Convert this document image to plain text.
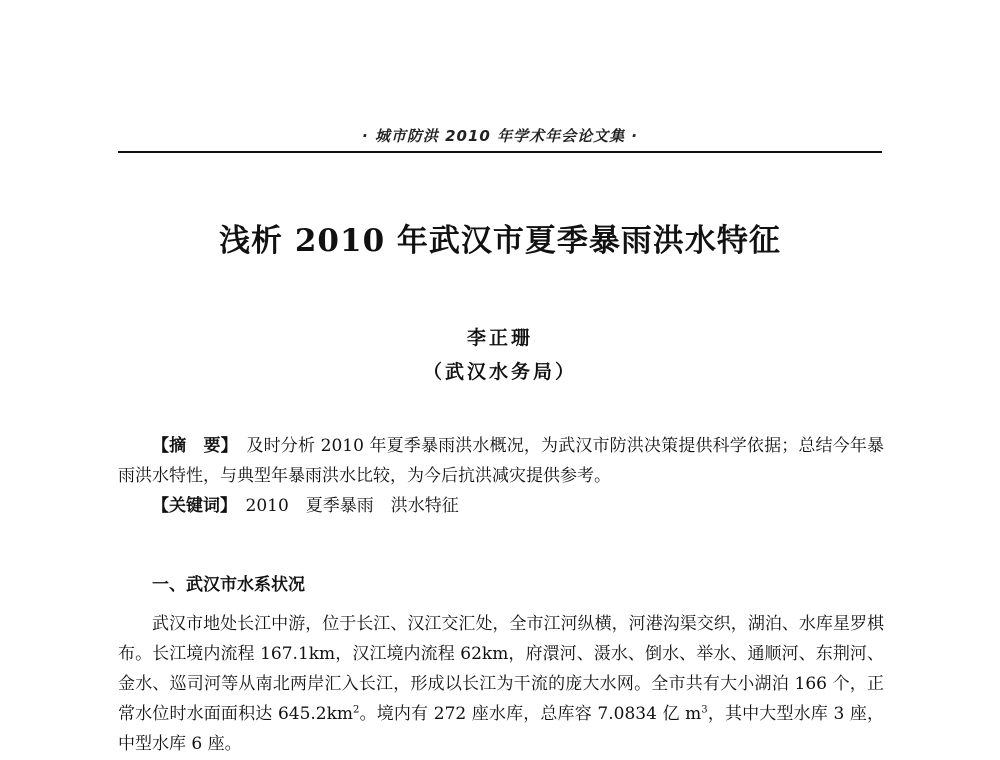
· 城市防洪 2010 年学术年会论文集 ·
浅析 2010 年武汉市夏季暴雨洪水特征
李正珊
（武汉水务局）

【摘　要】　 及时分析 2010 年夏季暴雨洪水概况，为武汉市防洪决策提供科学依据；总结今年暴雨洪水特性，与典型年暴雨洪水比较，为今后抗洪减灾提供参考。

【关键词】　 2010　夏季暴雨　洪水特征

一、武汉市水系状况

武汉市地处长江中游，位于长江、汉江交汇处，全市江河纵横，河港沟渠交织，湖泊、水库星罗棋布。长江境内流程 167.1km，汉江境内流程 62km，府澴河、滠水、倒水、举水、通顺河、东荆河、金水、巡司河等从南北两岸汇入长江，形成以长江为干流的庞大水网。全市共有大小湖泊 166 个，正常水位时水面面积达 $645.2km^2$。境内有 272 座水库，总库容 7.0834 亿 $m^3$，其中大型水库 3 座，中型水库 6 座。
